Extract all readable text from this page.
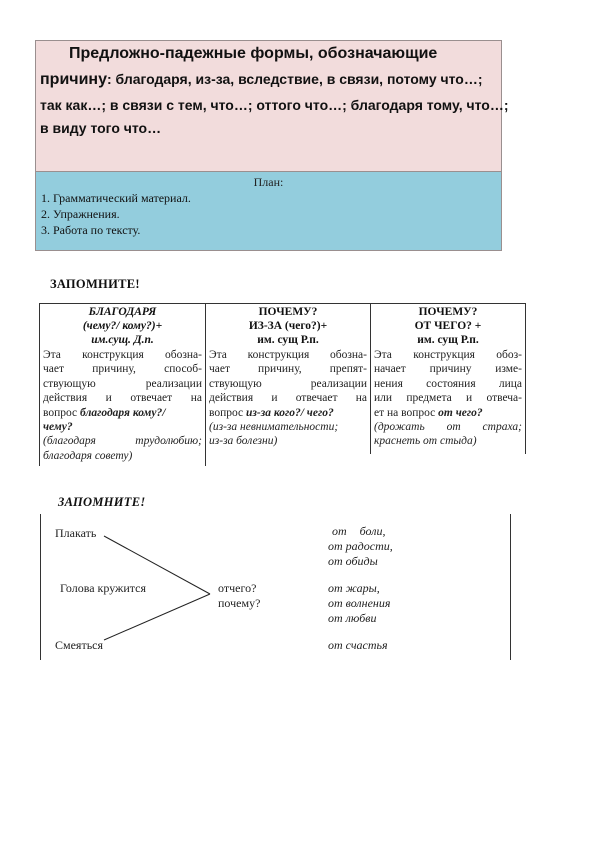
Предложно-падежные формы, обозначающие
причину: благодаря, из-за, вследствие, в связи, потому что…;
так как…; в связи с тем, что…; оттого что…; благодаря тому, что…;
в виду того что…
План:
1. Грамматический материал.
2. Упражнения.
3. Работа по тексту.
ЗАПОМНИТЕ!
БЛАГОДАРЯ
(чему?/ кому?)+
им.сущ. Д.п.
Эта конструкция обозна-
чает причину, способ-
ствующую реализации
действия и отвечает на
вопрос благодаря кому?/
чему?
(благодаря трудолюбию;
благодаря совету)
ПОЧЕМУ?
ИЗ-ЗА (чего?)+
им. сущ Р.п.
Эта конструкция обозна-
чает причину, препят-
ствующую реализации
действия и отвечает на
вопрос из-за кого?/ чего?
(из-за невнимательности;
из-за болезни)
ПОЧЕМУ?
ОТ ЧЕГО? +
им. сущ Р.п.
Эта конструкция обоз-
начает причину изме-
нения состояния лица
или предмета и отвеча-
ет на вопрос от чего?
(дрожать от страха;
краснеть от стыда)
ЗАПОМНИТЕ!
Плакать
Голова кружится
Смеяться
отчего?
почему?
от боли,
от радости,
от обиды
от жары,
от волнения
от любви
от счастья
